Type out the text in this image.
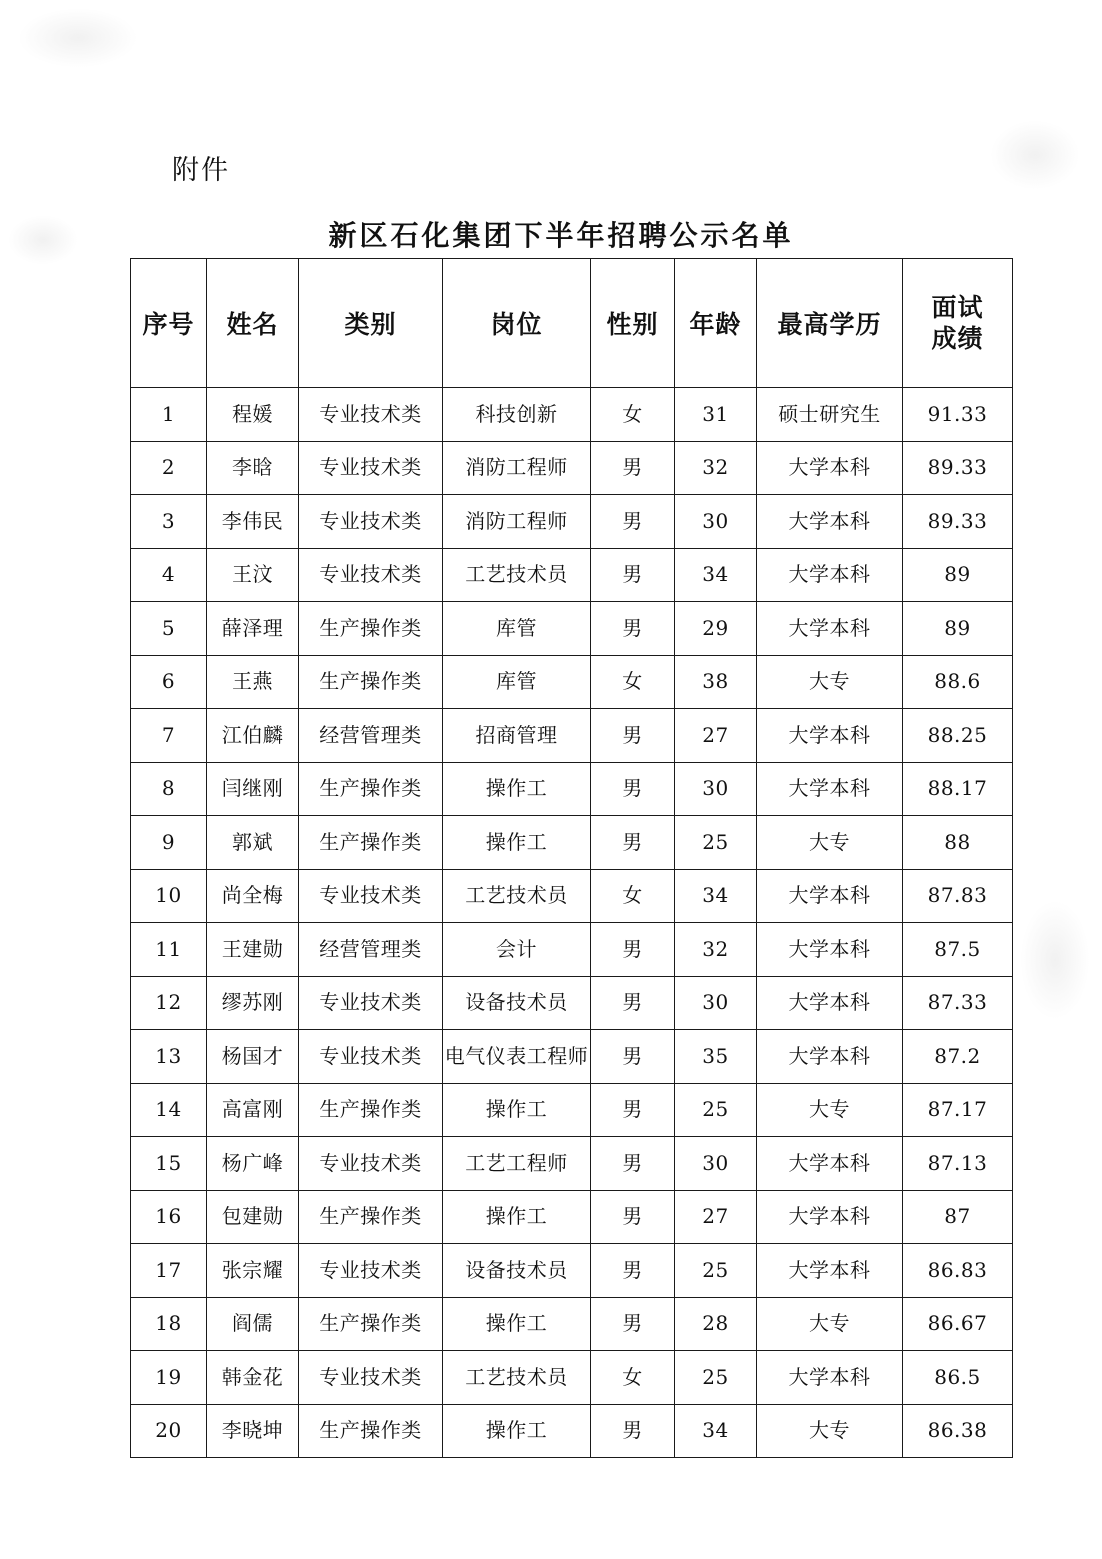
附件
新区石化集团下半年招聘公示名单
序号	姓名	类别	岗位	性别	年龄	最高学历	面试
成绩

1	程媛	专业技术类	科技创新	女	31	硕士研究生	91.33
2	李晗	专业技术类	消防工程师	男	32	大学本科	89.33
3	李伟民	专业技术类	消防工程师	男	30	大学本科	89.33
4	王汶	专业技术类	工艺技术员	男	34	大学本科	89
5	薛泽理	生产操作类	库管	男	29	大学本科	89
6	王燕	生产操作类	库管	女	38	大专	88.6
7	江伯麟	经营管理类	招商管理	男	27	大学本科	88.25
8	闫继刚	生产操作类	操作工	男	30	大学本科	88.17
9	郭斌	生产操作类	操作工	男	25	大专	88
10	尚全梅	专业技术类	工艺技术员	女	34	大学本科	87.83
11	王建勋	经营管理类	会计	男	32	大学本科	87.5
12	缪苏刚	专业技术类	设备技术员	男	30	大学本科	87.33
13	杨国才	专业技术类	电气仪表工程师	男	35	大学本科	87.2
14	高富刚	生产操作类	操作工	男	25	大专	87.17
15	杨广峰	专业技术类	工艺工程师	男	30	大学本科	87.13
16	包建勋	生产操作类	操作工	男	27	大学本科	87
17	张宗耀	专业技术类	设备技术员	男	25	大学本科	86.83
18	阎儒	生产操作类	操作工	男	28	大专	86.67
19	韩金花	专业技术类	工艺技术员	女	25	大学本科	86.5
20	李晓坤	生产操作类	操作工	男	34	大专	86.38
